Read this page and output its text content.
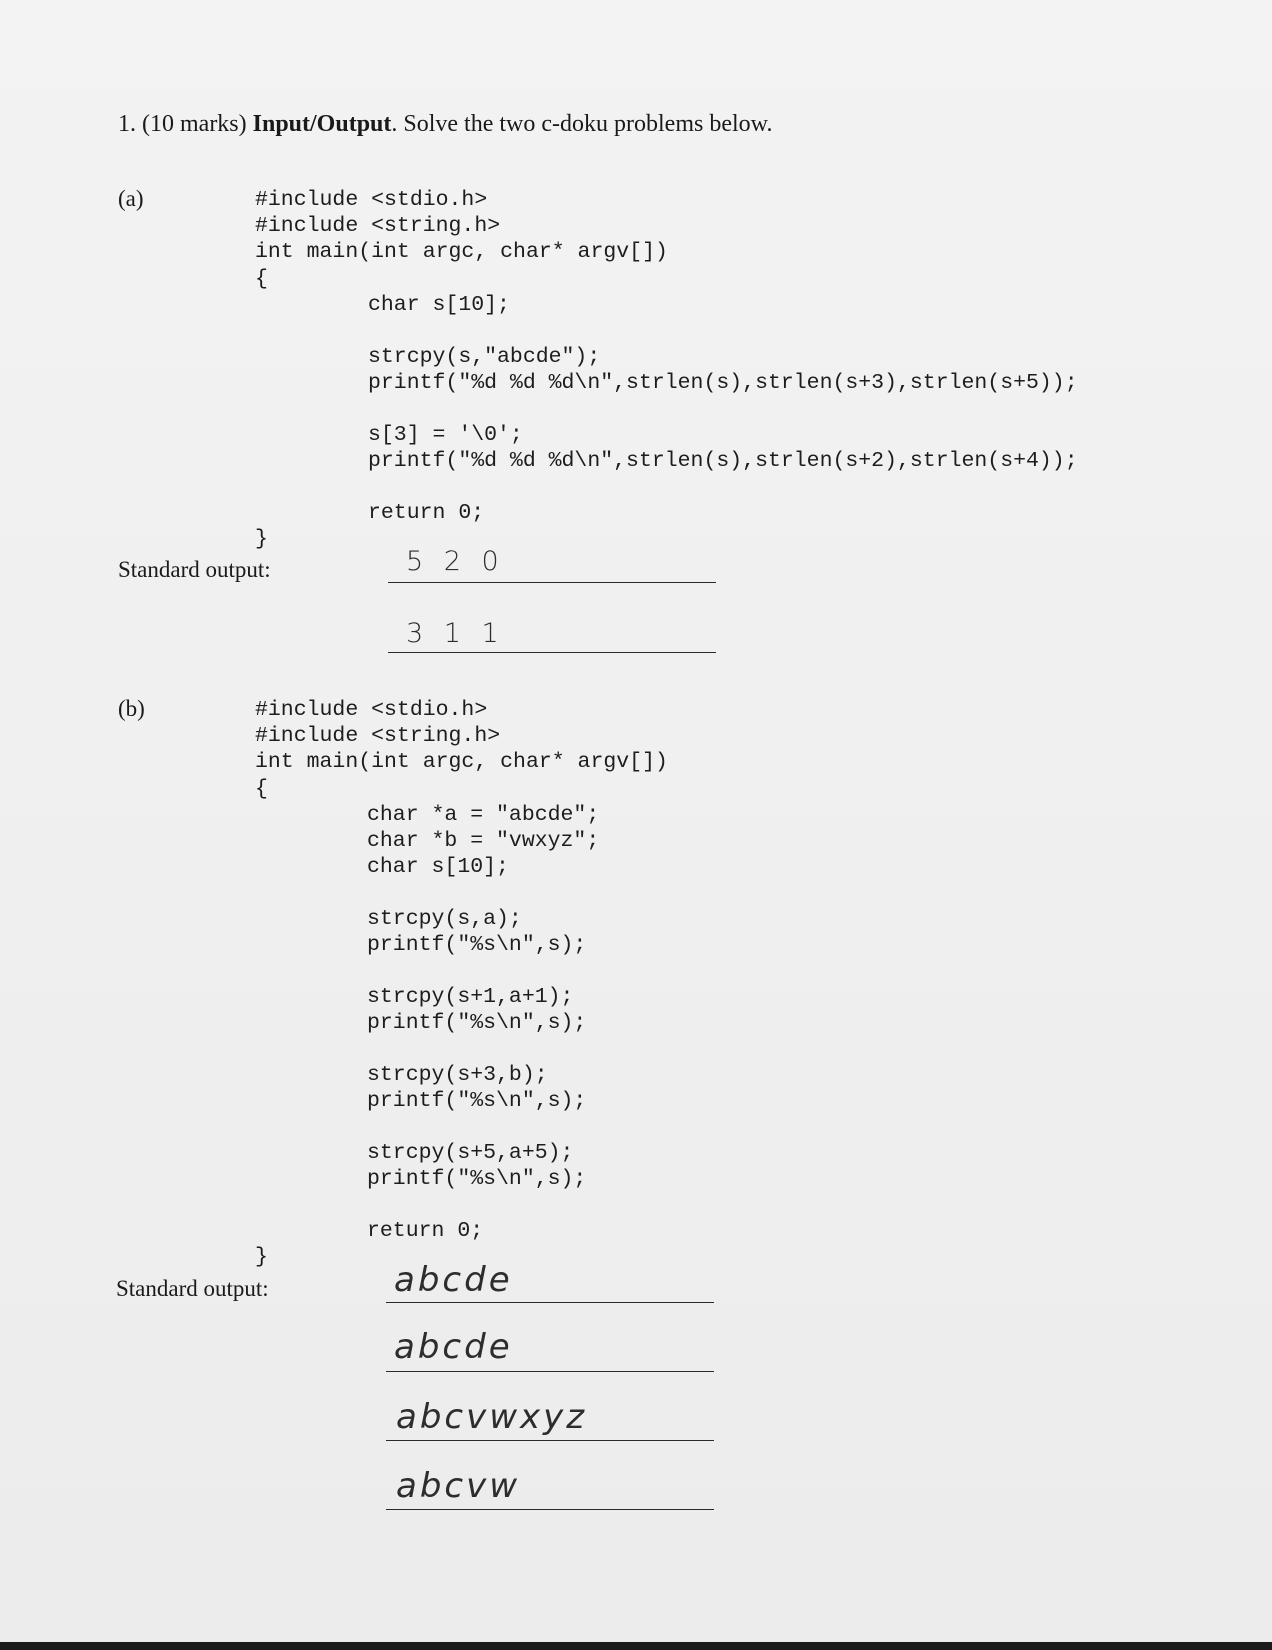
1. (10 marks) Input/Output. Solve the two c-doku problems below.
(a)	#include <stdio.h>
#include <string.h>
int main(int argc, char* argv[])
{
char s[10];

strcpy(s,"abcde");
printf("%d %d %d\n",strlen(s),strlen(s+3),strlen(s+5));

s[3] = '\0';
printf("%d %d %d\n",strlen(s),strlen(s+2),strlen(s+4));

return 0;
}
Standard output:	5 2 0
3 1 1
(b)	#include <stdio.h>
#include <string.h>
int main(int argc, char* argv[])
{
char *a = "abcde";
char *b = "vwxyz";
char s[10];

strcpy(s,a);
printf("%s\n",s);

strcpy(s+1,a+1);
printf("%s\n",s);

strcpy(s+3,b);
printf("%s\n",s);

strcpy(s+5,a+5);
printf("%s\n",s);

return 0;
}
Standard output:	abcde
abcde
abcvwxyz
abcvw
